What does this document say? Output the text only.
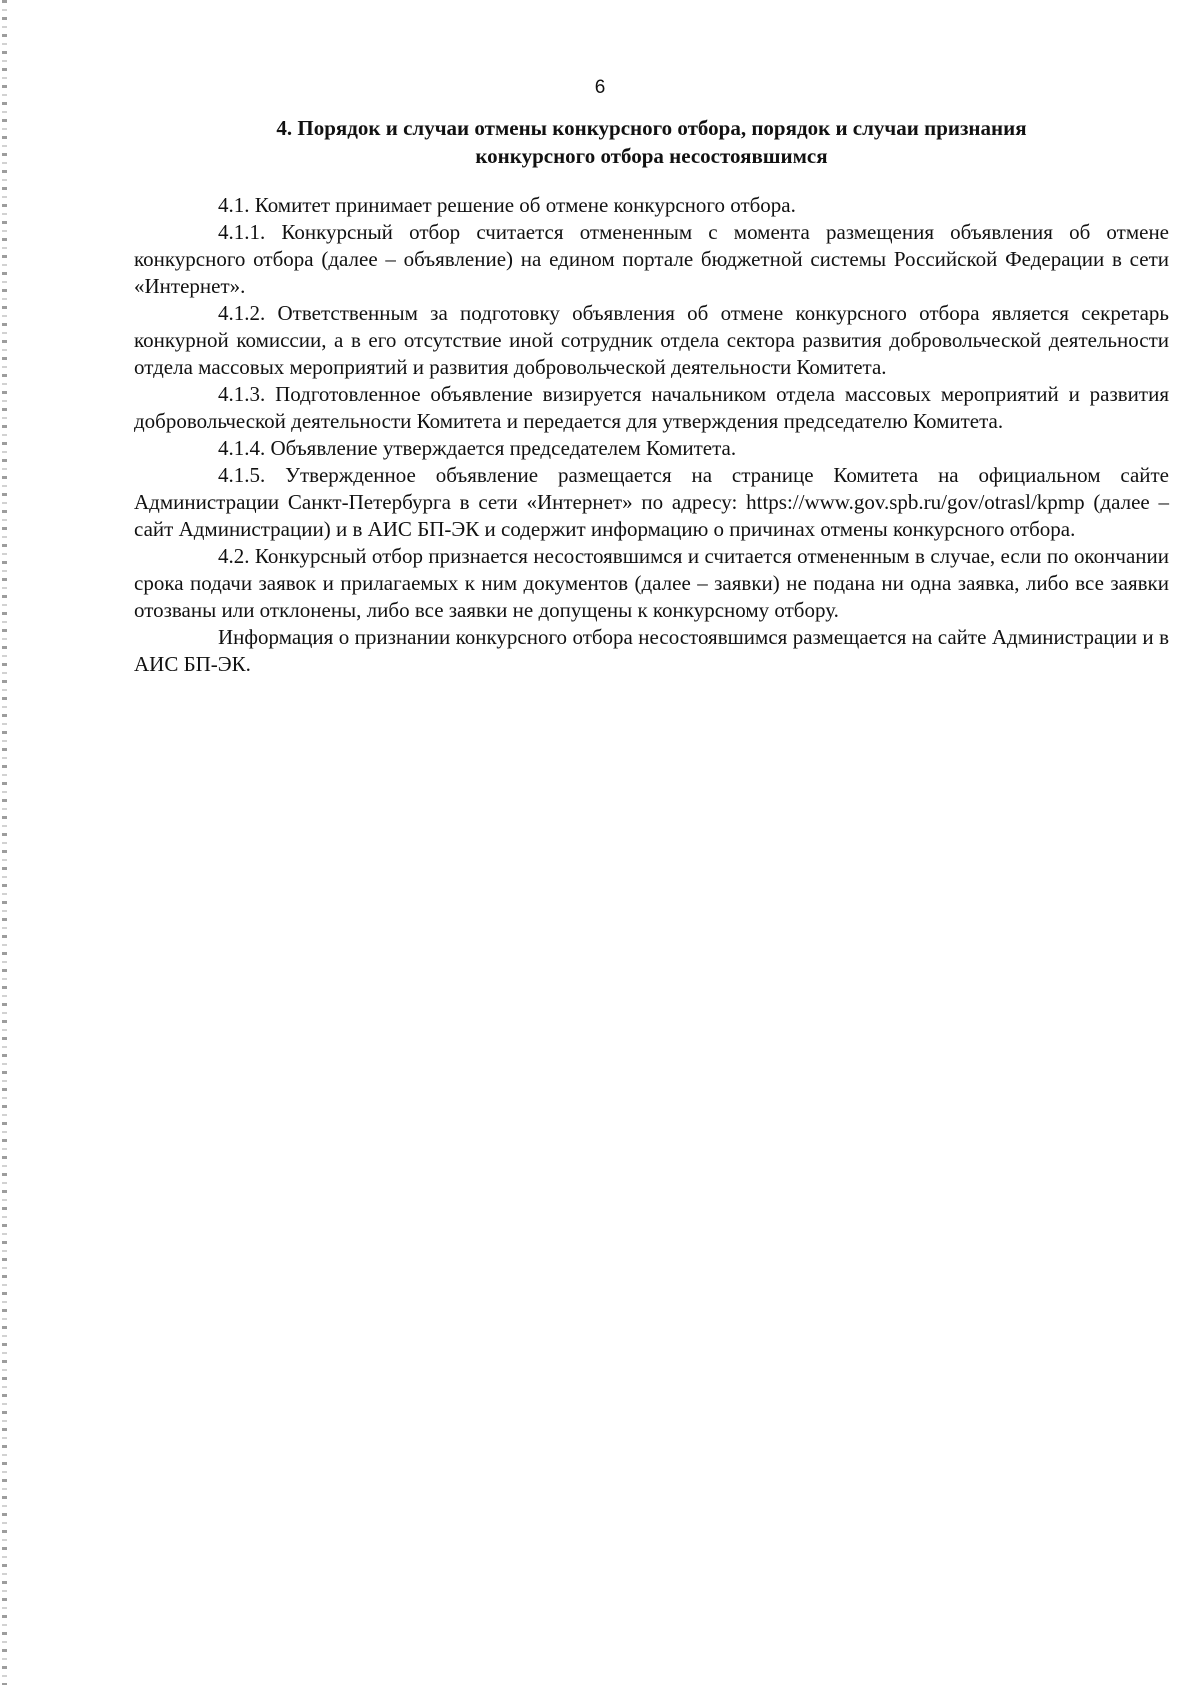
6
4. Порядок и случаи отмены конкурсного отбора, порядок и случаи признания
конкурсного отбора несостоявшимся

4.1. Комитет принимает решение об отмене конкурсного отбора.

4.1.1. Конкурсный отбор считается отмененным с момента размещения объявления об отмене конкурсного отбора (далее – объявление) на едином портале бюджетной системы Российской Федерации в сети «Интернет».

4.1.2. Ответственным за подготовку объявления об отмене конкурсного отбора является секретарь конкурной комиссии, а в его отсутствие иной сотрудник отдела сектора развития добровольческой деятельности отдела массовых мероприятий и развития добровольческой деятельности Комитета.

4.1.3. Подготовленное объявление визируется начальником отдела массовых мероприятий и развития добровольческой деятельности Комитета и передается для утверждения председателю Комитета.

4.1.4. Объявление утверждается председателем Комитета.

4.1.5. Утвержденное объявление размещается на странице Комитета на официальном сайте Администрации Санкт-Петербурга в сети «Интернет» по адресу: https://www.gov.spb.ru/gov/otrasl/kpmp (далее – сайт Администрации) и в АИС БП-ЭК и содержит информацию о причинах отмены конкурсного отбора.

4.2. Конкурсный отбор признается несостоявшимся и считается отмененным в случае, если по окончании срока подачи заявок и прилагаемых к ним документов (далее – заявки) не подана ни одна заявка, либо все заявки отозваны или отклонены, либо все заявки не допущены к конкурсному отбору.

Информация о признании конкурсного отбора несостоявшимся размещается на сайте Администрации и в АИС БП-ЭК.
